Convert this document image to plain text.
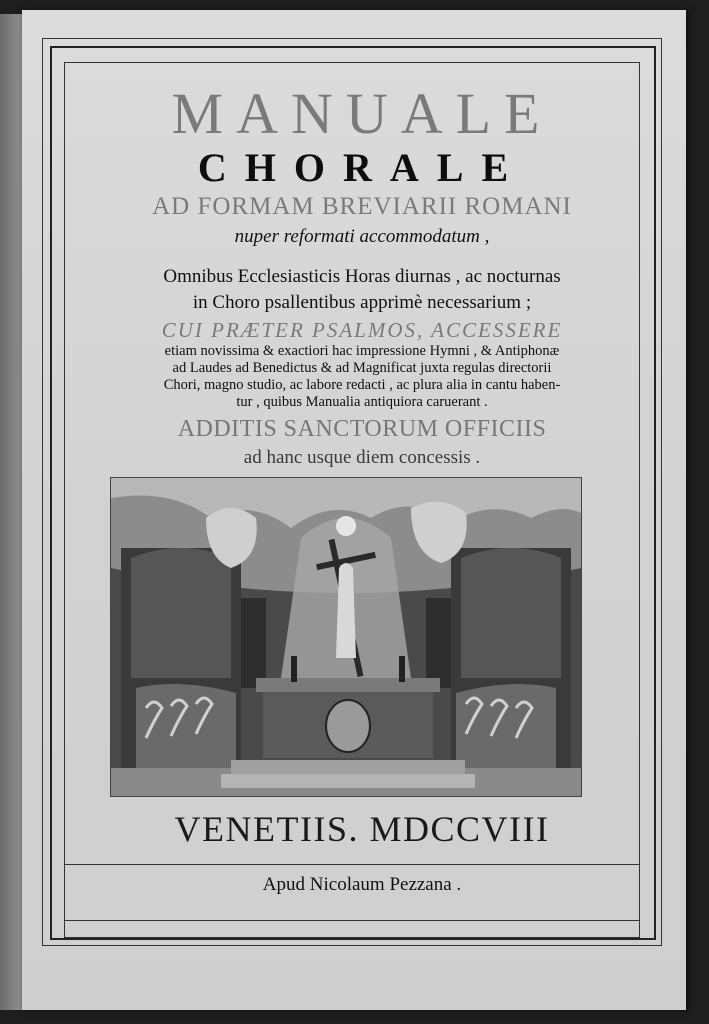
MANUALE
CHORALE
AD FORMAM BREVIARII ROMANI
nuper reformati accommodatum ,
Omnibus Ecclesiasticis Horas diurnas , ac nocturnas
in Choro psallentibus apprimè necessarium ;
CUI PRÆTER PSALMOS, ACCESSERE
etiam novissima & exactiori hac impressione Hymni , & Antiphonæ
ad Laudes ad Benedictus & ad Magnificat juxta regulas directorii
Chori, magno studio, ac labore redacti , ac plura alia in cantu haben-
tur , quibus Manualia antiquiora caruerant .
ADDITIS SANCTORUM OFFICIIS
ad hanc usque diem concessis .
VENETIIS. MDCCVIII
Apud Nicolaum Pezzana .
